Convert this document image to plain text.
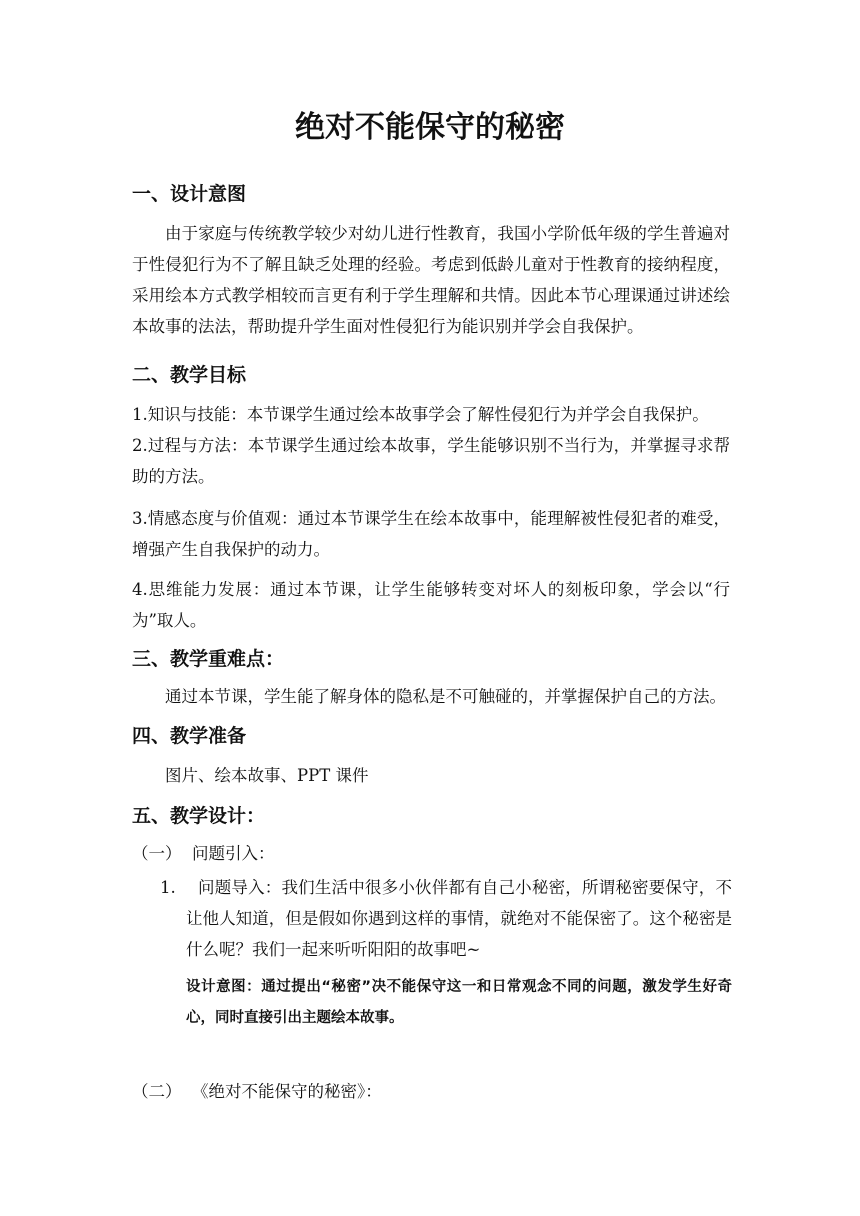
绝对不能保守的秘密
一、设计意图
由于家庭与传统教学较少对幼儿进行性教育，我国小学阶低年级的学生普遍对于性侵犯行为不了解且缺乏处理的经验。考虑到低龄儿童对于性教育的接纳程度，采用绘本方式教学相较而言更有利于学生理解和共情。因此本节心理课通过讲述绘本故事的法法，帮助提升学生面对性侵犯行为能识别并学会自我保护。
二、教学目标
1.知识与技能：本节课学生通过绘本故事学会了解性侵犯行为并学会自我保护。
2.过程与方法：本节课学生通过绘本故事，学生能够识别不当行为，并掌握寻求帮助的方法。
3.情感态度与价值观：通过本节课学生在绘本故事中，能理解被性侵犯者的难受，增强产生自我保护的动力。
4.思维能力发展：通过本节课，让学生能够转变对坏人的刻板印象，学会以“行为”取人。
三、教学重难点：
通过本节课，学生能了解身体的隐私是不可触碰的，并掌握保护自己的方法。
四、教学准备
图片、绘本故事、PPT 课件
五、教学设计：
（一） 问题引入：
1.	问题导入：我们生活中很多小伙伴都有自己小秘密，所谓秘密要保守，不让他人知道，但是假如你遇到这样的事情，就绝对不能保密了。这个秘密是什么呢？我们一起来听听阳阳的故事吧~
设计意图：通过提出“秘密”决不能保守这一和日常观念不同的问题，激发学生好奇心，同时直接引出主题绘本故事。
（二） 《绝对不能保守的秘密》：
